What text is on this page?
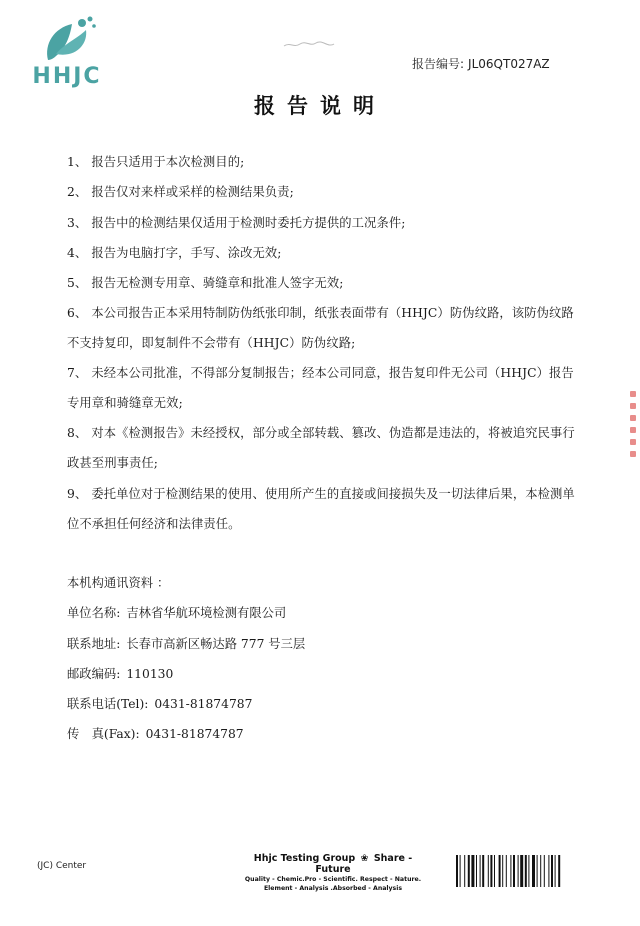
HHJC	报告编号: JL06QT027AZ
报告说明
1、 报告只适用于本次检测目的;
2、 报告仅对来样或采样的检测结果负责;
3、 报告中的检测结果仅适用于检测时委托方提供的工况条件;
4、 报告为电脑打字，手写、涂改无效;
5、 报告无检测专用章、骑缝章和批准人签字无效;
6、 本公司报告正本采用特制防伪纸张印制，纸张表面带有（HHJC）防伪纹路，该防伪纹路不支持复印，即复制件不会带有（HHJC）防伪纹路;
7、 未经本公司批准，不得部分复制报告；经本公司同意，报告复印件无公司（HHJC）报告专用章和骑缝章无效;
8、 对本《检测报告》未经授权，部分或全部转载、篡改、伪造都是违法的，将被追究民事行政甚至刑事责任;
9、 委托单位对于检测结果的使用、使用所产生的直接或间接损失及一切法律后果，本检测单位不承担任何经济和法律责任。
本机构通讯资料 ：
单位名称: 吉林省华航环境检测有限公司
联系地址: 长春市高新区畅达路 777 号三层
邮政编码: 110130
联系电话(Tel): 0431-81874787
传　真(Fax): 0431-81874787
(JC) Center
Hhjc Testing Group ❀ Share - Future
Quality - Chemic.Pro - Scientific. Respect - Nature.
Element - Analysis .Absorbed - Analysis
